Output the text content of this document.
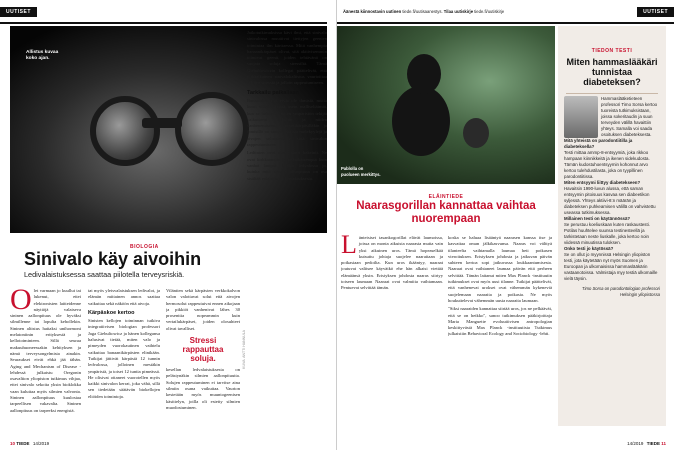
UUTISET
Allistus kuvaa
koko ajan.
BIOLOGIA
Sinivalo käy aivoihin
Ledivalaistuksessa saattaa piilotella terveysriskiä.
O let varmaan jo kuullut tai lukenut, ettei elektronisten laitteidenne näyttöjä valaiseva sininen aallonpituus ole hyväksi silmillenne tai lopulta kehollekin. Sininen altistus haitaksi unihormoni melatoniinin erityksestä ja kellotoiminteen. Sillä seuraa makuuhuoneessakin kehityksen ja nämä terveysongelmista ainakin. Seuraukset eivät ehkä jää tähän. Aging and Mechanism of Disease -lehdessä julkaistu Oregonin osavaltion yliopiston tutkimus vihjaa, ettei sinivalo sekoita yksin bioklokka vaan kuluttaa myös silmien valvonta. Sininen aallonpituus kuulostaa tarpeellisen vakavalta. Sininen aallonpituus on tarpeeksi energistä.

tat myös yleisvalaistuksen ledivalot, ja elämän mittainen annos saattaa vaikuttaa sekä näköön että aivoja.

Kärpäskoe kertoo

Sinisten kellojen toiminnan tutkiva integratiivisen biologian professori Jaga Giebultowicz ja hänen kollegansa halusivat tietää, miten valo ja pimeyden vuorokautinen vaihtelu vaikuttaa banaanikärpästen elinikään. Tutkijat jättivät kärpäsiä 12 tunnin ledvalossa, jolloinen mestäkin ympäristä, ja toiset 12 tuntia pimeässä. He olisivat ottaneet vuorotellen myös kaikki sinivalon kerrat, joka vähä, sillä sen tiedetään säätävän biokellojen eliöiden toimintoja.

Viläntien sekä kärpästen verkkokalvon valon valottavat solut että aivojen hermosolut rappeutuivat ennen aikojaan ja pikkiöt vanhenivat lähes 30 prosenttia nopeammin kuin vertailukärpäset, joiden olosuhteet olivat tavalliset.

Stressi rappauttaa soluja.

kesellan ledvalaistuksesta on pelästynäkin silmien aallonpituutta. Solujen rappeutuminen ei tarvitse aina silmiin osana vaikuttaa. Vaurion kestetään myös muuntogeenisen käsittelyn, joilla oli estetty silmien muodostuminen.

Jatkotutkimuksissa kävi ilmi, että sinivalo sinivalossa muuttivat tiettyjen geenien toimintaa ilm kärttaessa. Mitä vanhempia banaanikärpäset olivat, sitä aktiivisemmin toimivat geenit, joiden tehtävänä on suojata soluja stressiltä. Tämä Giebultowiczin kollegat päättelivät, että pitkäaikainen sinivalokaltistus vaurioittaa solujen stressiä ja jolloin rappeutumiseen.

Tarkkailu paikallaan

Banaanikärpäset eivät ole ihmisiä, mutta kuuri vilittä käyttää usein malliseliäimiä, kun se tutkitaan, miten ympäristön tekijät vaikuttavat soluihin ja niiden vanhenemiseen. Banaanikärpäsilläkin ja ihmisillä on samankaltaisia molekyylejä ja aivojen solutoiminnat siitä sinivalon rappeutumiseen.

Ledituten ovat viisiä nuori kekeinti. Ne ovat kirkkaampia ja pitkäikäisempiä kuin vanhat lamput. Niiden ledvalossa jo, kuinka mitä sininen allunpituus on osa sisältää valaistusten kontaktuksesta.

KUVA: ANTTI HANNULA
10 TIEDE 14/2019
Äänestä kiinnostavin uutinen tiede.fi/uutisaanestys. Tilaa uutiskirje tiede.fi/uutiskirje	UUTISET
Pablolla on
puolueen merkittys.
ELÄINTIEDE
Naarasgorillan kannattaa vaihtaa nuorempaan
L änteisiset tasankogorillat elävät laumoissa, joissa on monta aikuista naarasta mutta vain yksi aikuinen uros. Tämä hopeaselkää kutsuttu johtaja suojelee naaraitaan ja poikasiaan pedoilta. Kun uros ikääntyy, naaraat joutuvat valitsee käyvätkö ehe hän alkaisi viettää elämäänsä yksin. Eristyksen johdosta naaras siirtyy toiseen laumaan Naaraat ovat valmiita vaihtamaan. Pentuevat selvittää tämän.

koska se haluaa lisääntyä naarasen kanssa itse ja kasvattaa oman jälkikasvunsa. Naaras voi välttyä tilanteelta vaihtamalla laumaa heti poikasen vieroituksen. Eristyksen johdosta ja jatkuvan päivän suhteen kertoa sopi jatkuvassa loukkaantumisesta. Naaraat ovat vaihtaneet laumaa päivän että perheen selvittää. Tämän laitanut miten Max Planck -instituutin tutkimukset ovat myös uusi tilanne. Tutkijat päättelivät, että vanhenevat urokset ovat vähemmän kykeneviä suojelemaan naaraita ja poikasia. Ne myös houkuttelevat vähemmän uusia naaraita laumaan.

"Siksi naaraiden kannattaa siirtää uros, jos ne pelkäävät, että se on heikko", sanoo tutkimuksen pääkirjoittaja Maria Manguette evoluutiivisen antropologian keskittyvästä Max Planck -instituutista Tutkimus julkaistiin Behavioral Ecology and Sociobiology -lehti.

TIEDON TESTI
Miten hammaslääkäri tunnistaa diabeteksen?
Hammaslääketieteen professori Timo Sorsa kertoo tuoreista tutkimuksistaan, joissa sokeritaudin ja suun terveyden välillä havaittiin yhteys. Samalla voi saada osoituksen diabeteksesta.
Mitä yhteistä on parodontiitilla ja diabeteksella?
Testi mittaa ammp-8-entsyymiä, joka rikkoo hampaan kiinnikkeitä ja ikenen sidekudosta. Tämän kudostuhoentsyymin kohonnut arvo kertoo tulehdustilasta, joka on tyypillinen parodontiitissa.
Miten entsyymi liittyy diabetekseen?
Havaitsin 1990-luvun alussa, että saman entsyymin pitoisuus kasvaa sen diabeetikon syljessä. Yhteys aktiivi-8:n määrän ja diabeteksen puhkeamisen välillä on vahvistettu useassa tutkimuksessa.
Millainen testi on käytännössä?
Se perustuu koeliuskaan kuten raskaustesti. Potilas huuhtelee suunsa testinesteellä ja tarkistetaan neste liuskalle, joka kertoo noin viidessä minuutissa tuloksen.
Onko testi jo käytössä?
Se on ollut jo myynnissä Helsingin yliopiston testi, jota käytetään nyt myös Suomen ja Euroopan ja ulkomaisissa hammaslääkärin vastaanotoissa. Valmistaja myy testiä ulkomaille vielä täysin.
Timo Sorsa on parodontologian professori Helsingin yliopistossa
14/2019 TIEDE 11
